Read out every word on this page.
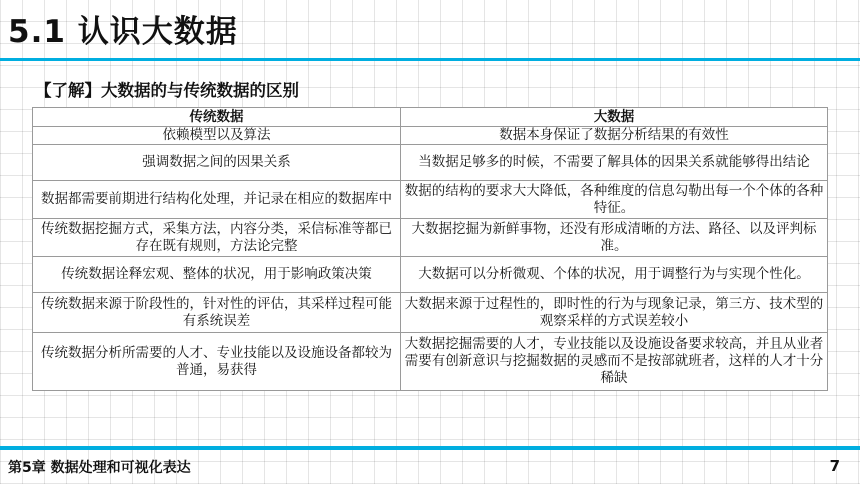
5.1 认识大数据
【了解】大数据的与传统数据的区别
传统数据	大数据
依赖模型以及算法	数据本身保证了数据分析结果的有效性
强调数据之间的因果关系	当数据足够多的时候，不需要了解具体的因果关系就能够得出结论
数据都需要前期进行结构化处理，并记录在相应的数据库中	数据的结构的要求大大降低，各种维度的信息勾勒出每一个个体的各种特征。
传统数据挖掘方式，采集方法，内容分类，采信标准等都已存在既有规则，方法论完整	大数据挖掘为新鲜事物，还没有形成清晰的方法、路径、以及评判标准。
传统数据诠释宏观、整体的状况，用于影响政策决策	大数据可以分析微观、个体的状况，用于调整行为与实现个性化。
传统数据来源于阶段性的，针对性的评估，其采样过程可能有系统误差	大数据来源于过程性的，即时性的行为与现象记录，第三方、技术型的观察采样的方式误差较小
传统数据分析所需要的人才、专业技能以及设施设备都较为普通，易获得	大数据挖掘需要的人才，专业技能以及设施设备要求较高，并且从业者需要有创新意识与挖掘数据的灵感而不是按部就班者，这样的人才十分稀缺
第5章 数据处理和可视化表达	7
